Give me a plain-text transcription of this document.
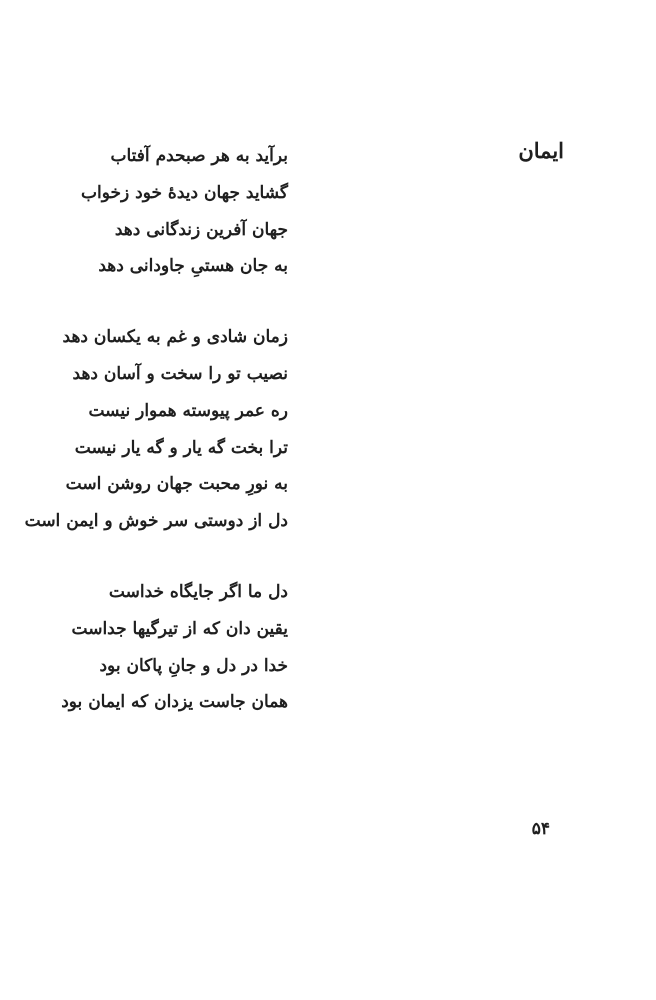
ایمان

برآید به هر صبحدم آفتاب

گشاید جهان دیدهٔ خود زخواب

جهان آفرین زندگانی دهد

به جان هستیِ جاودانی دهد

زمان شادی و غم به یکسان دهد

نصیب تو را سخت و آسان دهد

ره عمر پیوسته هموار نیست

ترا بخت گه یار و گه یار نیست

به نورِ محبت جهان روشن است

دل از دوستی سر خوش و ایمن است

دل ما اگر جایگاه خداست

یقین دان که از تیرگیها جداست

خدا در دل و جانِ پاکان بود

همان جاست یزدان که ایمان بود

۵۴
